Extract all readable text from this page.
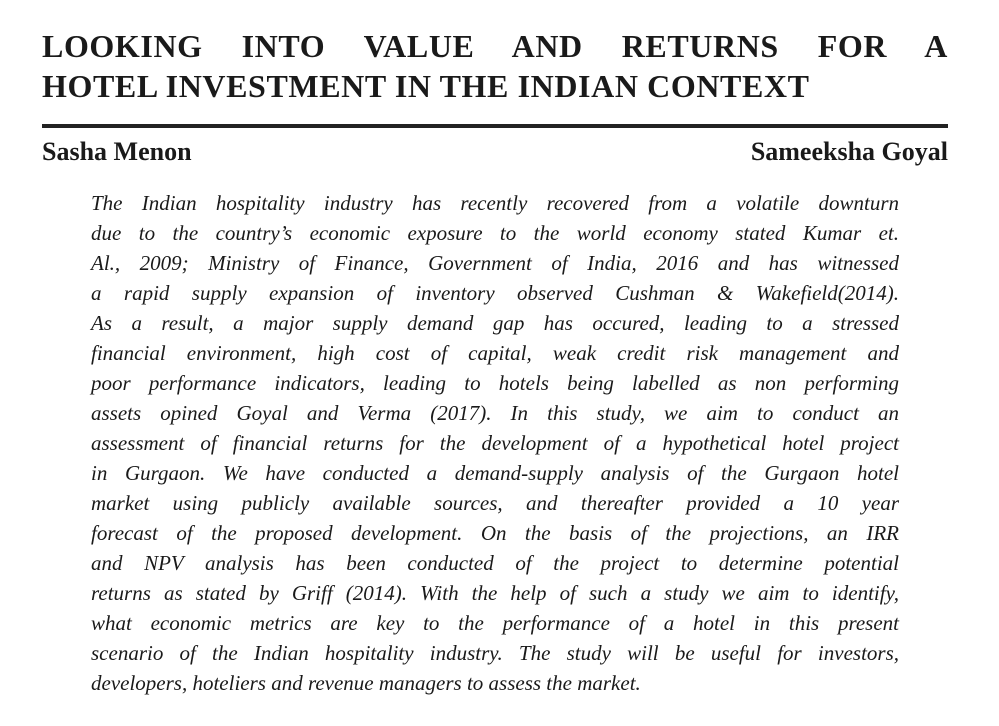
LOOKING INTO VALUE AND RETURNS FOR A
HOTEL INVESTMENT IN THE INDIAN CONTEXT
Sasha Menon	Sameeksha Goyal
The Indian hospitality industry has recently recovered from a volatile downturn
due to the country’s economic exposure to the world economy stated Kumar et.
Al., 2009; Ministry of Finance, Government of India, 2016 and has witnessed
a rapid supply expansion of inventory observed Cushman & Wakefield(2014).
As a result, a major supply demand gap has occured, leading to a stressed
financial environment, high cost of capital, weak credit risk management and
poor performance indicators, leading to hotels being labelled as non performing
assets opined Goyal and Verma (2017). In this study, we aim to conduct an
assessment of financial returns for the development of a hypothetical hotel project
in Gurgaon. We have conducted a demand-supply analysis of the Gurgaon hotel
market using publicly available sources, and thereafter provided a 10 year
forecast of the proposed development. On the basis of the projections, an IRR
and NPV analysis has been conducted of the project to determine potential
returns as stated by Griff (2014). With the help of such a study we aim to identify,
what economic metrics are key to the performance of a hotel in this present
scenario of the Indian hospitality industry. The study will be useful for investors,
developers, hoteliers and revenue managers to assess the market.
